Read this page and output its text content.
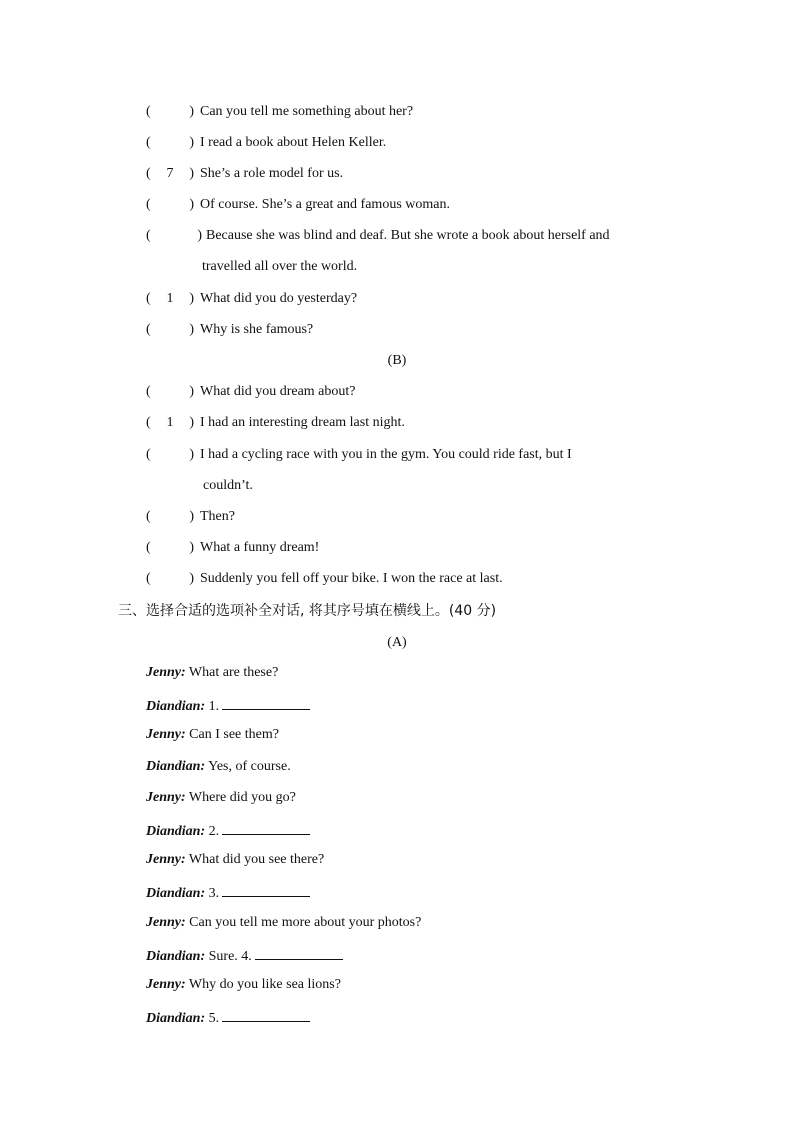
(	) Can you tell me something about her?
(	) I read a book about Helen Keller.
(	7	) She’s a role model for us.
(	) Of course. She’s a great and famous woman.
(	) Because she was blind and deaf. But she wrote a book about herself and
travelled all over the world.
(	1	) What did you do yesterday?
(	) Why is she famous?
(B)
(	) What did you dream about?
(	1	) I had an interesting dream last night.
(	) I had a cycling race with you in the gym. You could ride fast, but I
couldn’t.
(	) Then?
(	) What a funny dream!
(	) Suddenly you fell off your bike. I won the race at last.
三、选择合适的选项补全对话, 将其序号填在横线上。(40 分)
(A)
Jenny: What are these?
Diandian: 1.
Jenny: Can I see them?
Diandian: Yes, of course.
Jenny: Where did you go?
Diandian: 2.
Jenny: What did you see there?
Diandian: 3.
Jenny: Can you tell me more about your photos?
Diandian: Sure. 4.
Jenny: Why do you like sea lions?
Diandian: 5.
